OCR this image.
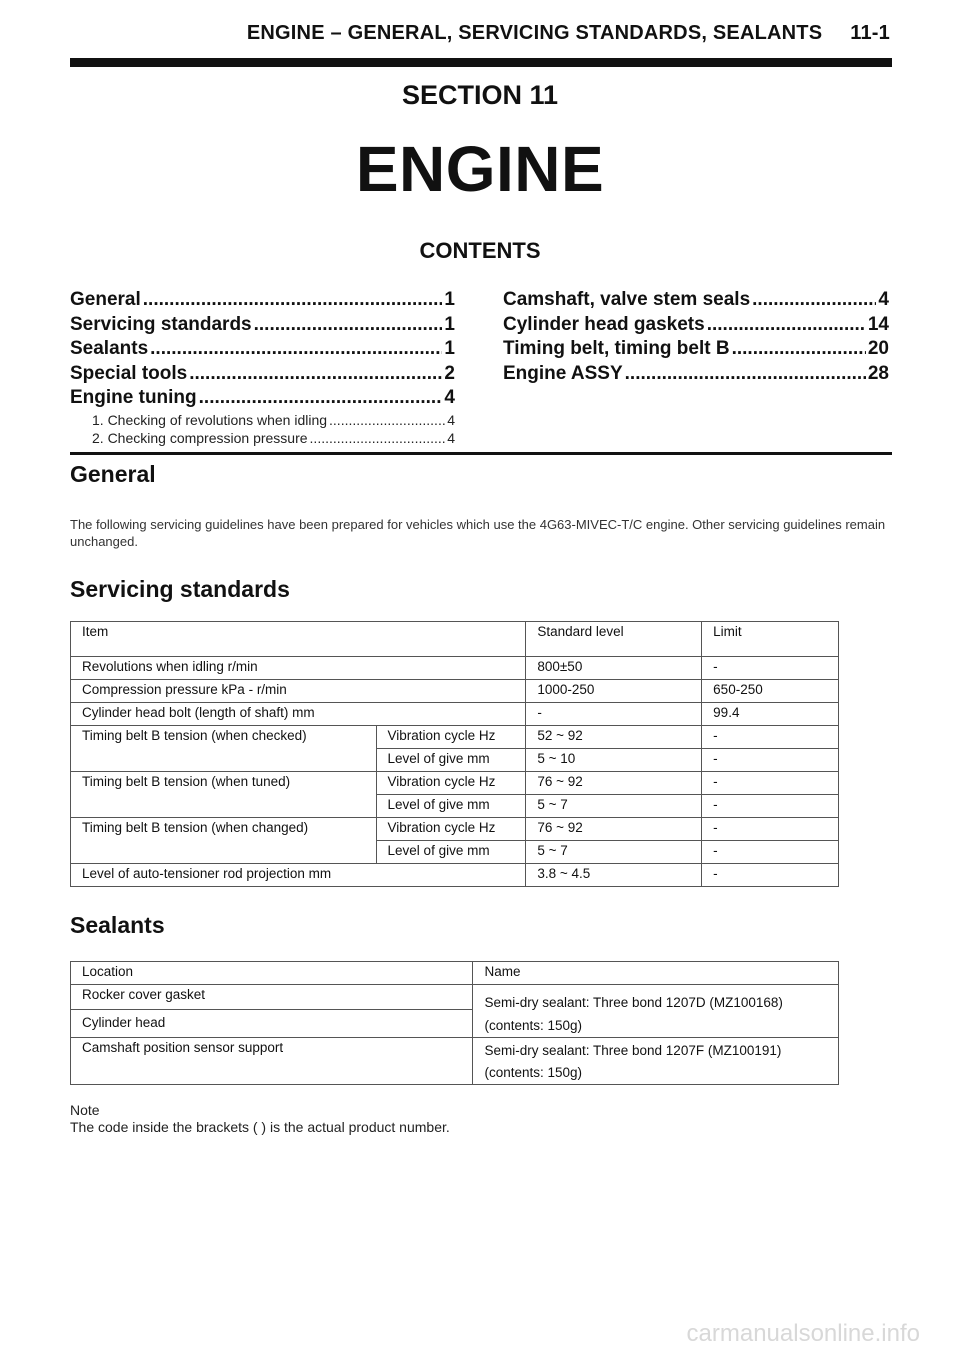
ENGINE – GENERAL, SERVICING STANDARDS, SEALANTS 11-1
SECTION 11
ENGINE
CONTENTS
General .....	1
Servicing standards .....	1
Sealants .....	1
Special tools .....	2
Engine tuning .....	4
1. Checking of revolutions when idling .....	4
2. Checking compression pressure .....	4
Camshaft, valve stem seals .....	4
Cylinder head gaskets .....	14
Timing belt, timing belt B .....	20
Engine ASSY .....	28
General
The following servicing guidelines have been prepared for vehicles which use the 4G63-MIVEC-T/C engine. Other servicing guidelines remain unchanged.
Servicing standards
Item		Standard level	Limit
Revolutions when idling r/min		800±50	-
Compression pressure kPa - r/min		1000-250	650-250
Cylinder head bolt (length of shaft) mm		-	99.4
Timing belt B tension (when checked)	Vibration cycle Hz	52 ~ 92	-
	Level of give mm	5 ~ 10	-
Timing belt B tension (when tuned)	Vibration cycle Hz	76 ~ 92	-
	Level of give mm	5 ~ 7	-
Timing belt B tension (when changed)	Vibration cycle Hz	76 ~ 92	-
	Level of give mm	5 ~ 7	-
Level of auto-tensioner rod projection mm		3.8 ~ 4.5	-
Sealants
Location	Name
Rocker cover gasket	Semi-dry sealant: Three bond 1207D (MZ100168)
(contents: 150g)

Cylinder head	
Camshaft position sensor support	Semi-dry sealant: Three bond 1207F (MZ100191)
(contents: 150g)
Note
The code inside the brackets ( ) is the actual product number.
carmanualsonline.info
